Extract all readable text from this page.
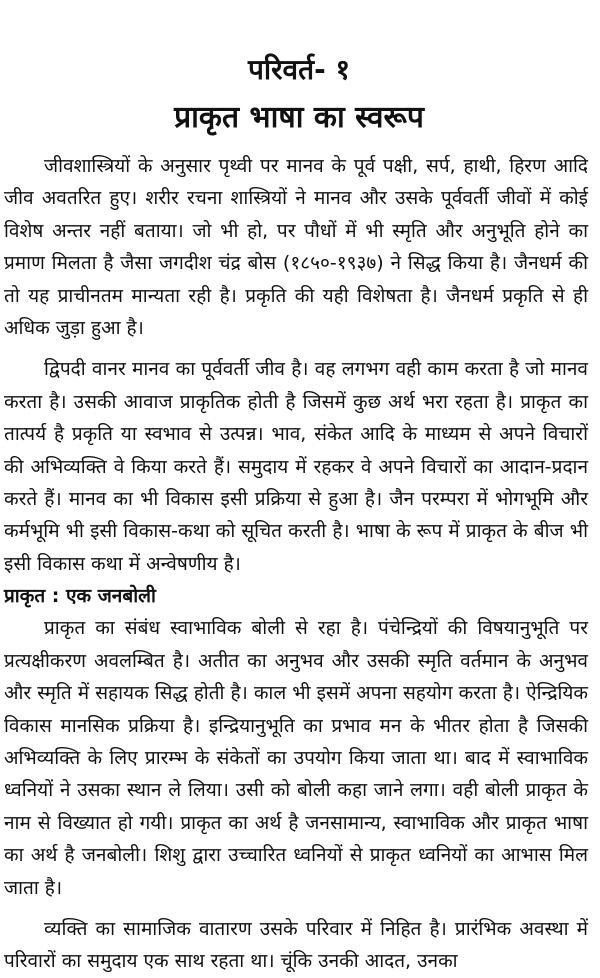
परिवर्त- १
प्राकृत भाषा का स्वरूप

जीवशास्त्रियों के अनुसार पृथ्वी पर मानव के पूर्व पक्षी, सर्प, हाथी, हिरण आदि जीव अवतरित हुए। शरीर रचना शास्त्रियों ने मानव और उसके पूर्ववर्ती जीवों में कोई विशेष अन्तर नहीं बताया। जो भी हो, पर पौधों में भी स्मृति और अनुभूति होने का प्रमाण मिलता है जैसा जगदीश चंद्र बोस (१८५०-१९३७) ने सिद्ध किया है। जैनधर्म की तो यह प्राचीनतम मान्यता रही है। प्रकृति की यही विशेषता है। जैनधर्म प्रकृति से ही अधिक जुड़ा हुआ है।

द्विपदी वानर मानव का पूर्ववर्ती जीव है। वह लगभग वही काम करता है जो मानव करता है। उसकी आवाज प्राकृतिक होती है जिसमें कुछ अर्थ भरा रहता है। प्राकृत का तात्पर्य है प्रकृति या स्वभाव से उत्पन्न। भाव, संकेत आदि के माध्यम से अपने विचारों की अभिव्यक्ति वे किया करते हैं। समुदाय में रहकर वे अपने विचारों का आदान-प्रदान करते हैं। मानव का भी विकास इसी प्रक्रिया से हुआ है। जैन परम्परा में भोगभूमि और कर्मभूमि भी इसी विकास-कथा को सूचित करती है। भाषा के रूप में प्राकृत के बीज भी इसी विकास कथा में अन्वेषणीय है।

प्राकृत : एक जनबोली

प्राकृत का संबंध स्वाभाविक बोली से रहा है। पंचेन्द्रियों की विषयानुभूति पर प्रत्यक्षीकरण अवलम्बित है। अतीत का अनुभव और उसकी स्मृति वर्तमान के अनुभव और स्मृति में सहायक सिद्ध होती है। काल भी इसमें अपना सहयोग करता है। ऐन्द्रियिक विकास मानसिक प्रक्रिया है। इन्द्रियानुभूति का प्रभाव मन के भीतर होता है जिसकी अभिव्यक्ति के लिए प्रारम्भ के संकेतों का उपयोग किया जाता था। बाद में स्वाभाविक ध्वनियों ने उसका स्थान ले लिया। उसी को बोली कहा जाने लगा। वही बोली प्राकृत के नाम से विख्यात हो गयी। प्राकृत का अर्थ है जनसामान्य, स्वाभाविक और प्राकृत भाषा का अर्थ है जनबोली। शिशु द्वारा उच्चारित ध्वनियों से प्राकृत ध्वनियों का आभास मिल जाता है।

व्यक्ति का सामाजिक वातारण उसके परिवार में निहित है। प्रारंभिक अवस्था में परिवारों का समुदाय एक साथ रहता था। चूंकि उनकी आदत, उनका
